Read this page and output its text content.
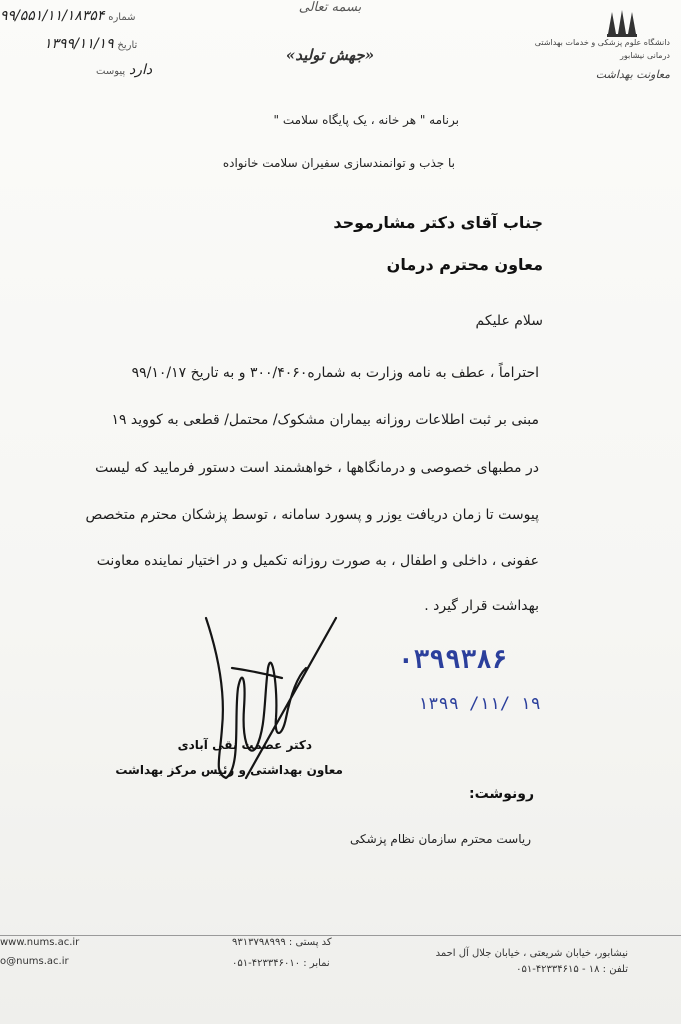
دانشگاه علوم پزشکی و خدمات بهداشتی درمانی نیشابور
معاونت بهداشت
بسمه تعالی
«جهش تولید»
۹۹/۵۵۱/۱۱/۱۸۳۵۴ شماره
۱۳۹۹/۱۱/۱۹ تاریخ
دارد پیوست
برنامه " هر خانه ، یک پایگاه سلامت "
با جذب و توانمندسازی سفیران سلامت خانواده
جناب آقای دکتر مشارموحد
معاون محترم درمان
سلام علیکم
احتراماً ، عطف به نامه وزارت به شماره۳۰۰/۴۰۶۰ و به تاریخ ۹۹/۱۰/۱۷
مبنی بر ثبت اطلاعات روزانه بیماران مشکوک/ محتمل/ قطعی به کووید ۱۹
در مطبهای خصوصی و درمانگاهها ، خواهشمند است دستور فرمایید که لیست
پیوست تا زمان دریافت یوزر و پسورد سامانه ، توسط پزشکان محترم متخصص
عفونی ، داخلی و اطفال ، به صورت روزانه تکمیل و در اختیار نماینده معاونت
بهداشت قرار گیرد .
۰۳۹۹۳۸۶
۱۳۹۹ /۱۱/ ۱۹
دکتر عصمت نقی آبادی
معاون بهداشتی و رئیس مرکز بهداشت
رونوشت:
ریاست محترم سازمان نظام پزشکی
www.nums.ac.ir
o@nums.ac.ir
کد پستی : ۹۳۱۳۷۹۸۹۹۹
نمابر : ۴۲۳۳۴۶۰۱۰-۰۵۱
نیشابور، خیابان شریعتی ، خیابان جلال آل احمد
تلفن : ۱۸ - ۴۲۳۳۴۶۱۵-۰۵۱
